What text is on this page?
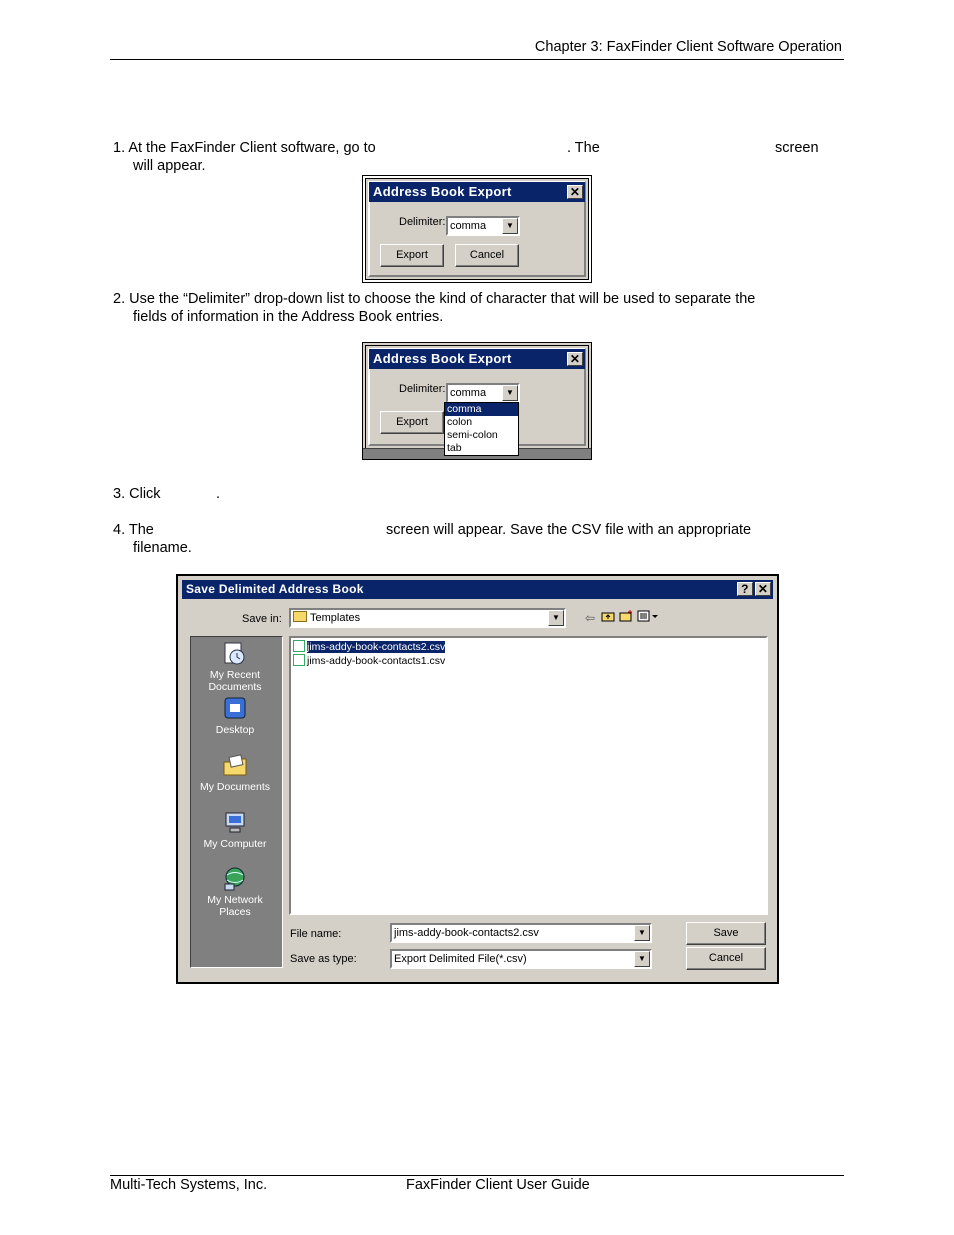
Chapter 3: FaxFinder Client Software Operation
1. At the FaxFinder Client software, go to	. The	screen
will appear.
Address Book Export	✕
Delimiter: comma	▼
Export	Cancel
2. Use the “Delimiter” drop-down list to choose the kind of character that will be used to separate the
fields of information in the Address Book entries.
Address Book Export	✕
Delimiter: comma	▼
Export
comma
colon
semi-colon
tab
3. Click	.
4. The	screen will appear. Save the CSV file with an appropriate
filename.
Save Delimited Address Book	? ✕
Save in:	Templates	▼	⇦
My Recent Documents
Desktop
My Documents
My Computer
My Network Places
jims-addy-book-contacts2.csv
jims-addy-book-contacts1.csv
File name:	jims-addy-book-contacts2.csv	▼	Save
Save as type:	Export Delimited File(*.csv)	▼	Cancel
Multi-Tech Systems, Inc.	FaxFinder Client User Guide
